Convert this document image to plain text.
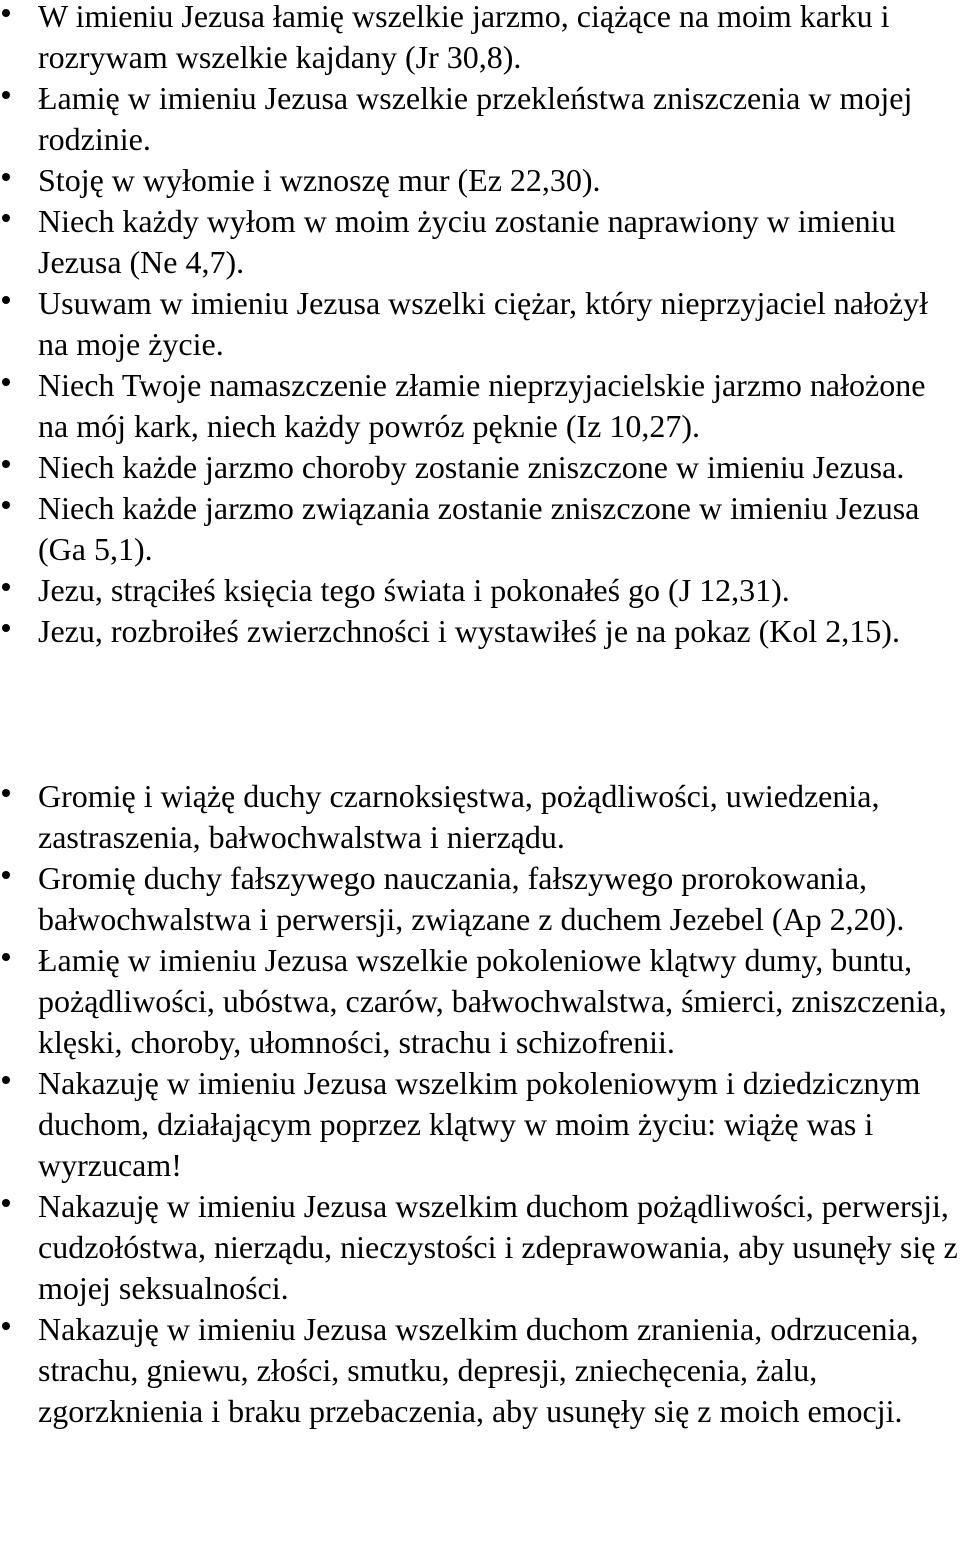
W imieniu Jezusa łamię wszelkie jarzmo, ciążące na moim karku i rozrywam wszelkie kajdany (Jr 30,8).
Łamię w imieniu Jezusa wszelkie przekleństwa zniszczenia w mojej rodzinie.
Stoję w wyłomie i wznoszę mur (Ez 22,30).
Niech każdy wyłom w moim życiu zostanie naprawiony w imieniu Jezusa (Ne 4,7).
Usuwam w imieniu Jezusa wszelki ciężar, który nieprzyjaciel nałożył na moje życie.
Niech Twoje namaszczenie złamie nieprzyjacielskie jarzmo nałożone na mój kark, niech każdy powróz pęknie (Iz 10,27).
Niech każde jarzmo choroby zostanie zniszczone w imieniu Jezusa.
Niech każde jarzmo związania zostanie zniszczone w imieniu Jezusa (Ga 5,1).
Jezu, strąciłeś księcia tego świata i pokonałeś go (J 12,31).
Jezu, rozbroiłeś zwierzchności i wystawiłeś je na pokaz (Kol 2,15).
Gromię i wiążę duchy czarnoksięstwa, pożądliwości, uwiedzenia, zastraszenia, bałwochwalstwa i nierządu.
Gromię duchy fałszywego nauczania, fałszywego prorokowania, bałwochwalstwa i perwersji, związane z duchem Jezebel (Ap 2,20).
Łamię w imieniu Jezusa wszelkie pokoleniowe klątwy dumy, buntu, pożądliwości, ubóstwa, czarów, bałwochwalstwa, śmierci, zniszczenia, klęski, choroby, ułomności, strachu i schizofrenii.
Nakazuję w imieniu Jezusa wszelkim pokoleniowym i dziedzicznym duchom, działającym poprzez klątwy w moim życiu: wiążę was i wyrzucam!
Nakazuję w imieniu Jezusa wszelkim duchom pożądliwości, perwersji, cudzołóstwa, nierządu, nieczystości i zdeprawowania, aby usunęły się z mojej seksualności.
Nakazuję w imieniu Jezusa wszelkim duchom zranienia, odrzucenia, strachu, gniewu, złości, smutku, depresji, zniechęcenia, żalu, zgorzknienia i braku przebaczenia, aby usunęły się z moich emocji.
